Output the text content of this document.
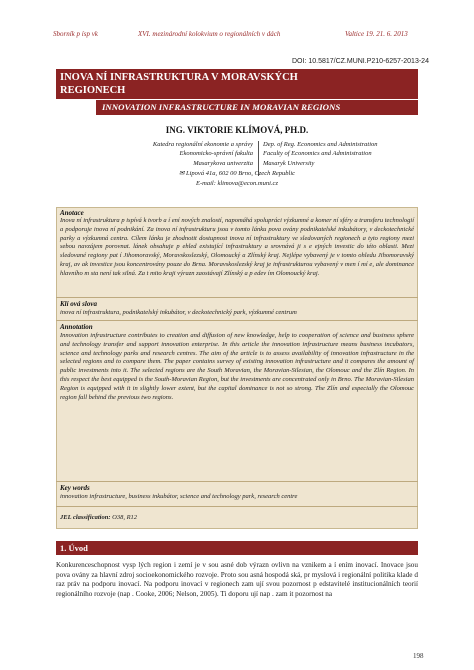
Sborník p ísp vk	XVI. mezinárodní kolokvium o regionálních v dách	Valtice 19. 21. 6. 2013
DOI: 10.5817/CZ.MUNI.P210-6257-2013-24
INOVA NÍ INFRASTRUKTURA V MORAVSKÝCH
REGIONECH
INNOVATION INFRASTRUCTURE IN MORAVIAN REGIONS
ING. VIKTORIE KLÍMOVÁ, PH.D.
Katedra regionální ekonomie a správy
Ekonomicko-správní fakulta
Masarykova univerzita
Dep. of Reg. Economics and Administration
Faculty of Economics and Administration
Masaryk University
✉ Lipová 41a, 602 00 Brno, Czech Republic
E-mail: klimova@econ.muni.cz
Anotace
Inova ní infrastruktura p ispívá k tvorb a í ení nových znalostí, napomáhá spolupráci výzkumné a komer ní sféry a transferu technologií a podporuje inova ní podnikání. Za inova ní infrastrukturu jsou v tomto lánku pova ovány podnikatelské inkubátory, v deckotechnické parky a výzkumná centra. Cílem lánku je zhodnotit dostupnost inova ní infrastruktury ve sledovaných regionech a tyto regiony mezi sebou navzájem porovnat. lánek obsahuje p ehled existující infrastruktury a srovnává ji s e ejných investic do této oblasti. Mezi sledované regiony pat í Jihomoravský, Moravskoslezský, Olomoucký a Zlínský kraj. Nejlépe vybavený je v tomto ohledu Jihomoravský kraj, av ak investice jsou koncentrovány pouze do Brna. Moravskoslezský kraj je infrastrukturou vybavený v men í mí e, ale dominance hlavního m sta není tak silná. Za t mito kraji výrazn zaostávají Zlínský a p edev ím Olomoucký kraj.
Klí ová slova
inova ní infrastruktura, podnikatelský inkubátor, v deckotechnický park, výzkumné centrum
Annotation
Innovation infrastructure contributes to creation and diffusion of new knowledge, help to cooperation of science and business sphere and technology transfer and support innovation enterprise. In this article the innovation infrastructure means business incubators, science and technology parks and research centres. The aim of the article is to assess availability of innovation infrastructure in the selected regions and to compare them. The paper contains survey of existing innovation infrastructure and it compares the amount of public investments into it. The selected regions are the South Moravian, the Moravian-Silesian, the Olomouc and the Zlín Region. In this respect the best equipped is the South-Moravian Region, but the investments are concentrated only in Brno. The Moravian-Silesian Region is equipped with it in slightly lower extent, but the capital dominance is not so strong. The Zlín and especially the Olomouc region fall behind the previous two regions.
Key words
innovation infrastructure, business inkubátor, science and technology park, research centre
JEL classification: O38, R12
1. Úvod
Konkurenceschopnost vysp lých region i zemí je v sou asné dob výrazn ovlivn na vznikem a í ením inovací. Inovace jsou pova ovány za hlavní zdroj socioekonomického rozvoje. Proto sou asná hospodá ská, pr myslová i regionální politika klade d raz práv na podporu inovací. Na podporu inovací v regionech zam ují svou pozornost p edstavitelé institucionálních teorií regionálního rozvoje (nap . Cooke, 2006; Nelson, 2005). Ti doporu ují nap . zam it pozornost na
198
